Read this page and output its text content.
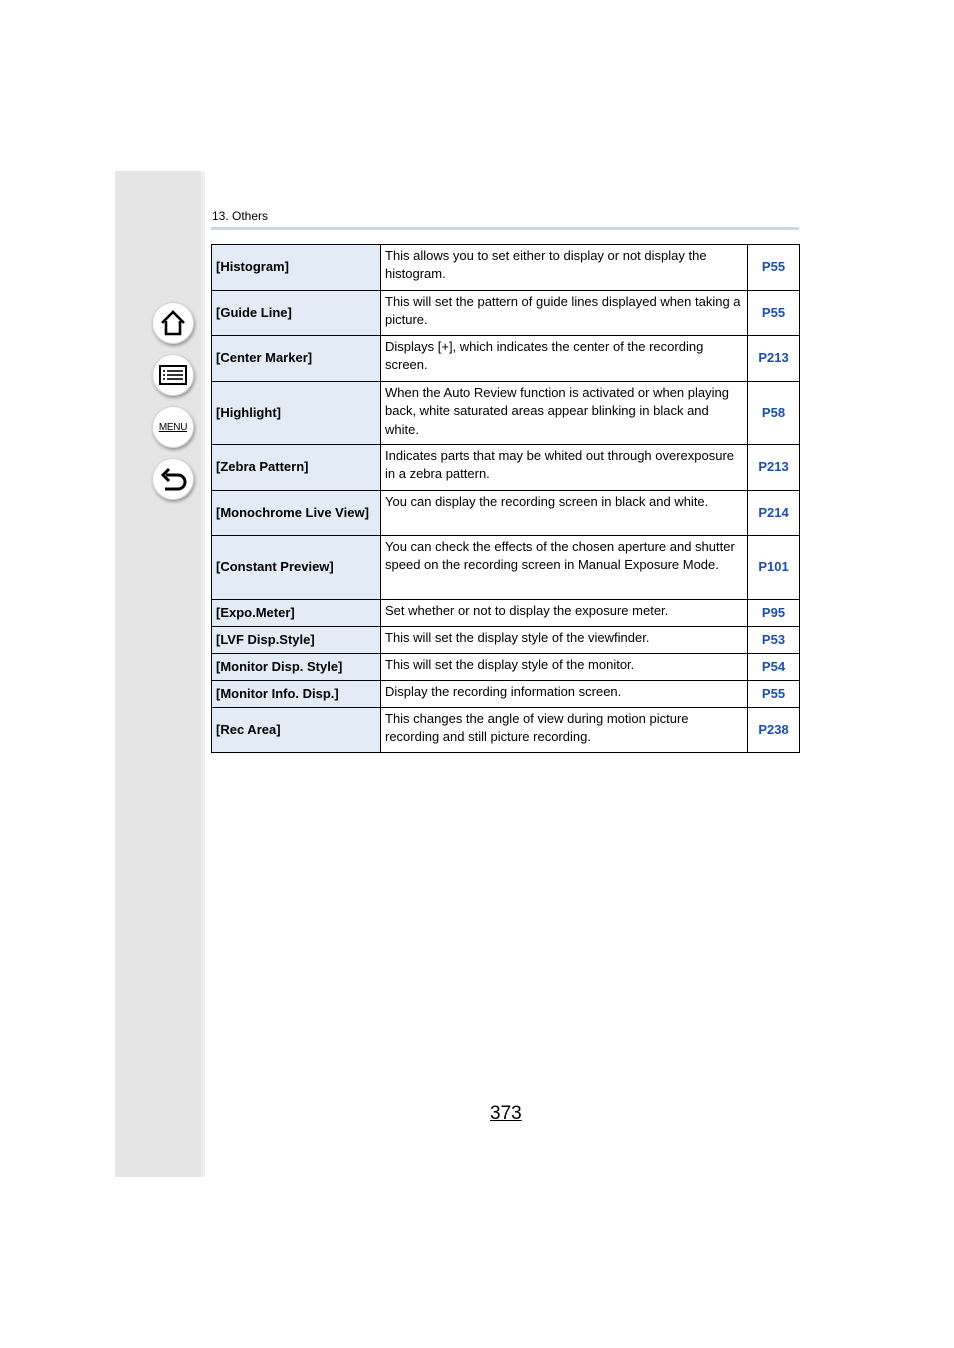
MENU
13. Others
[Histogram]	This allows you to set either to display or not display the histogram.	P55
[Guide Line]	This will set the pattern of guide lines displayed when taking a picture.	P55
[Center Marker]	Displays [+], which indicates the center of the recording screen.	P213
[Highlight]	When the Auto Review function is activated or when playing back, white saturated areas appear blinking in black and white.	P58
[Zebra Pattern]	Indicates parts that may be whited out through overexposure in a zebra pattern.	P213
[Monochrome Live View]	You can display the recording screen in black and white.	P214
[Constant Preview]	You can check the effects of the chosen aperture and shutter speed on the recording screen in Manual Exposure Mode.	P101
[Expo.Meter]	Set whether or not to display the exposure meter.	P95
[LVF Disp.Style]	This will set the display style of the viewfinder.	P53
[Monitor Disp. Style]	This will set the display style of the monitor.	P54
[Monitor Info. Disp.]	Display the recording information screen.	P55
[Rec Area]	This changes the angle of view during motion picture recording and still picture recording.	P238
373
